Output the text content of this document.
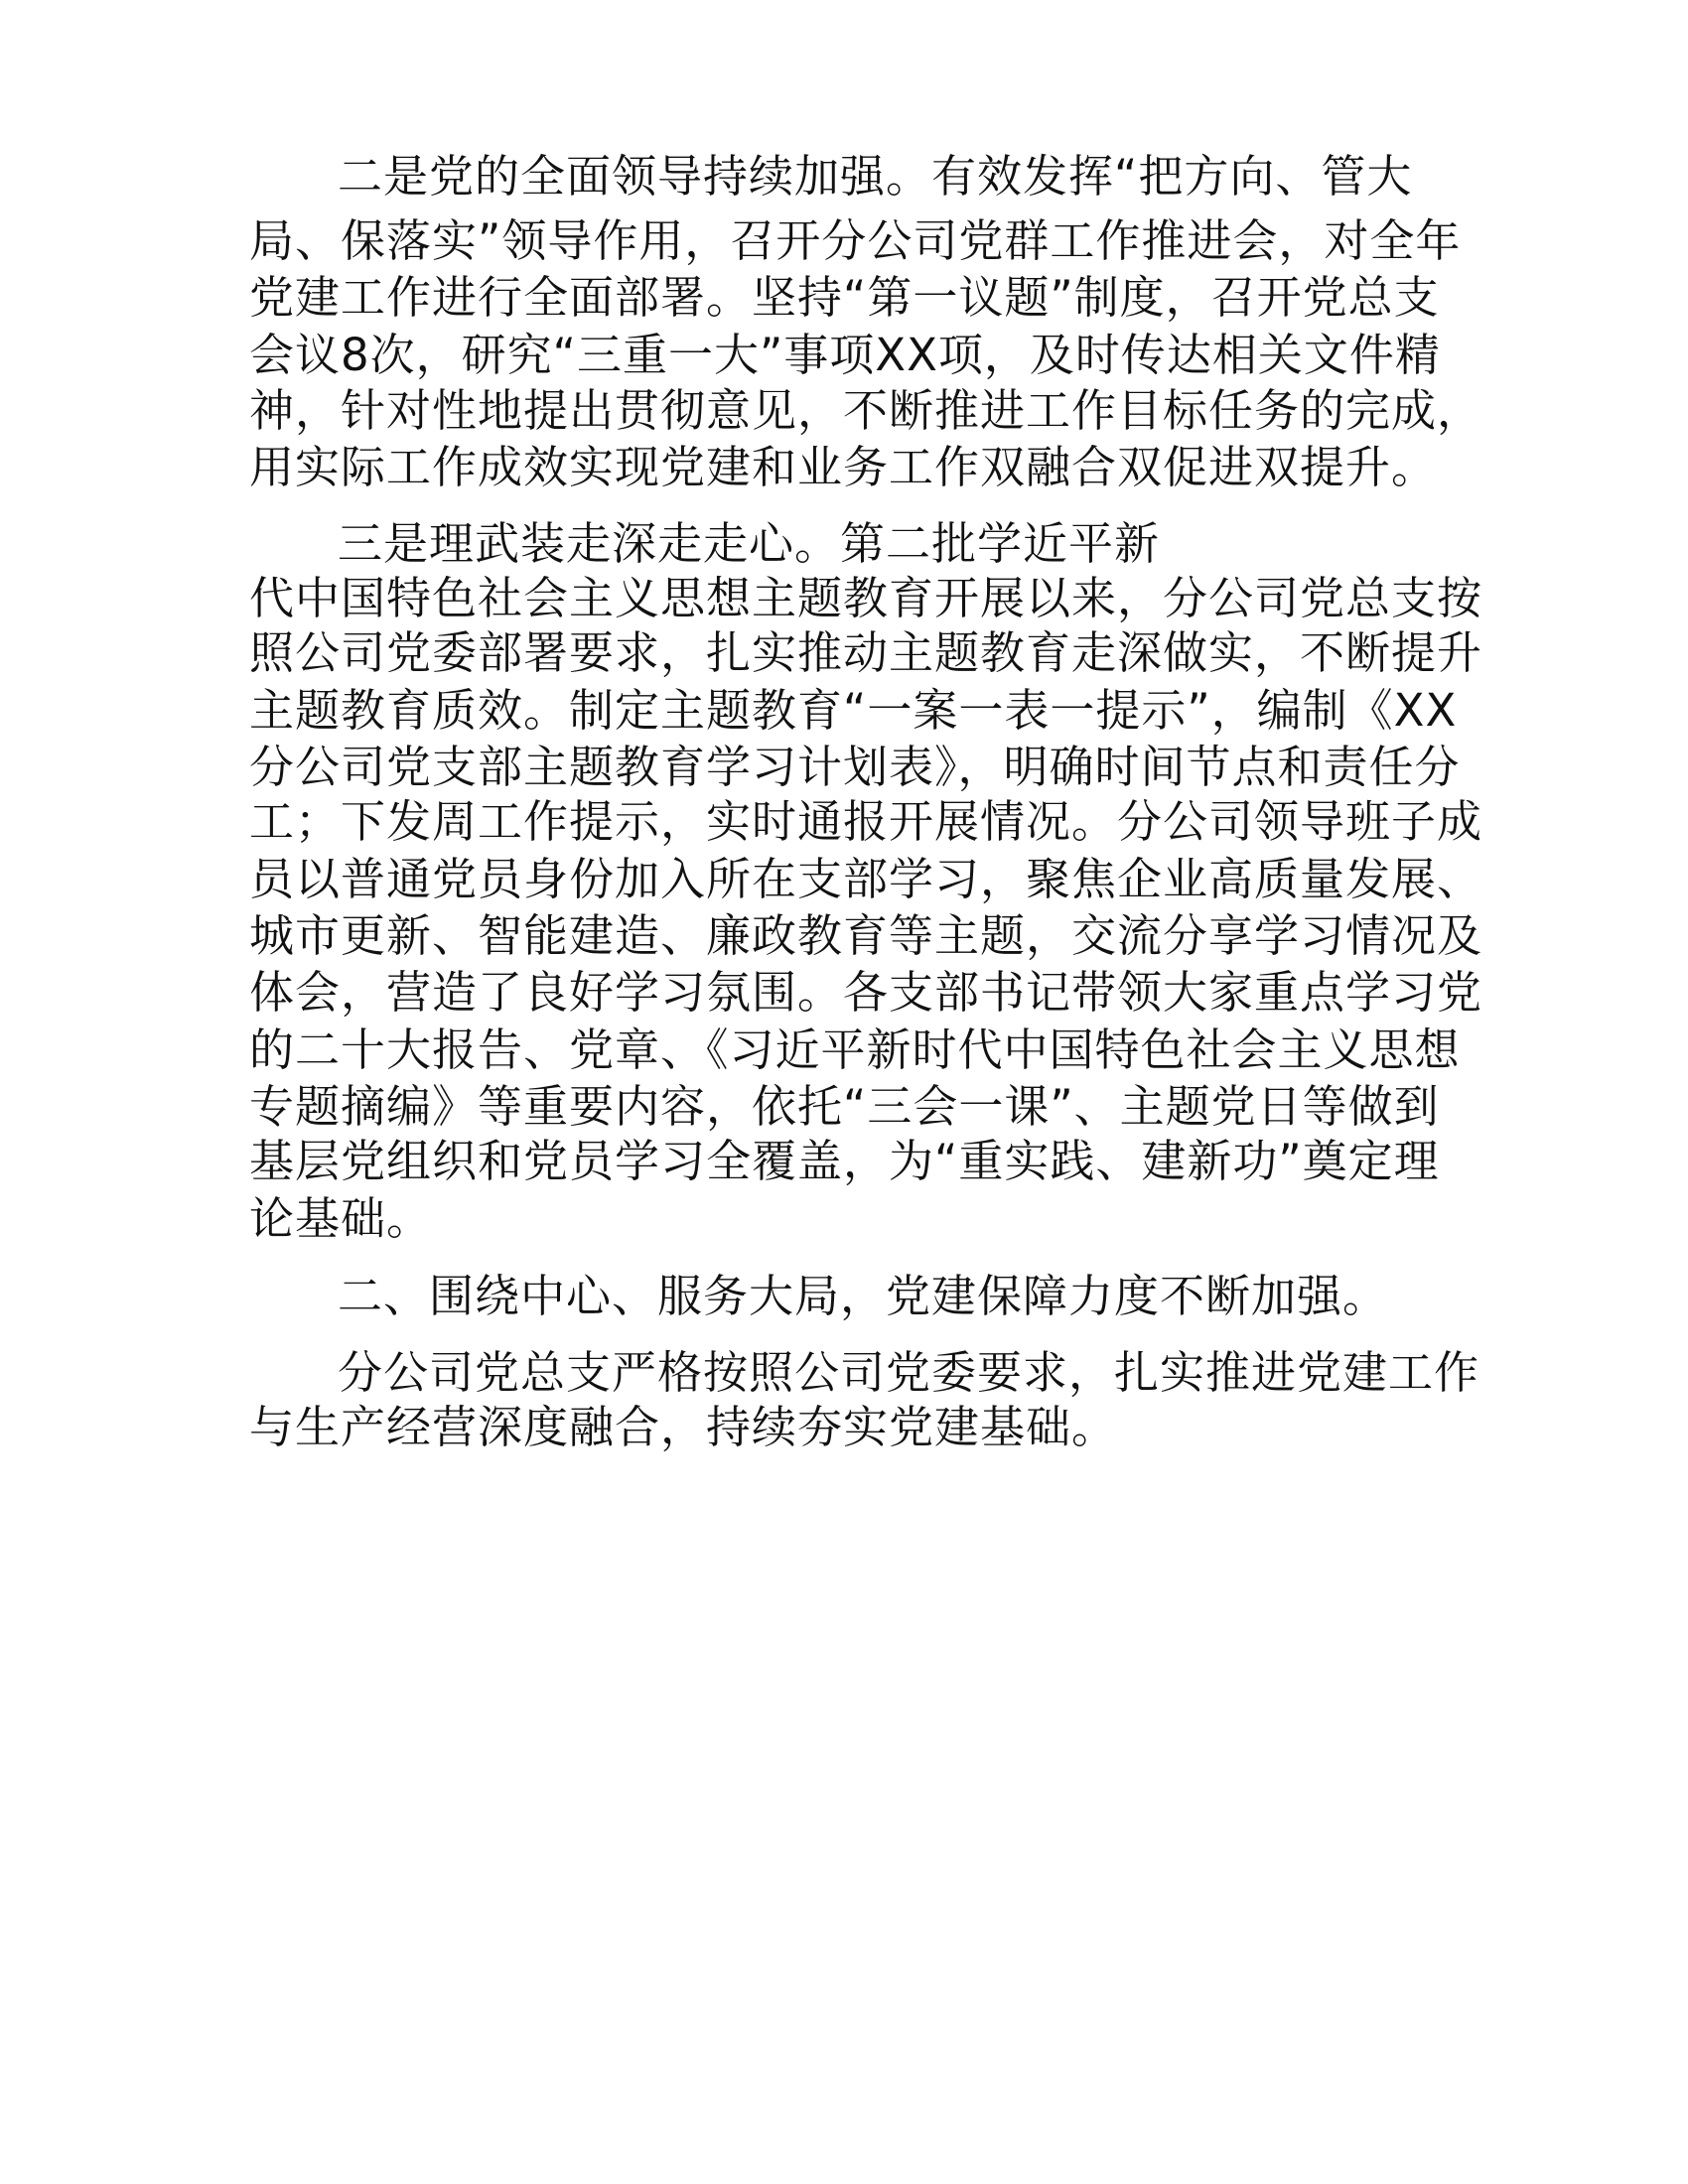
二是党的全面领导持续加强。有效发挥“把方向、管大
局、保落实”领导作用，召开分公司党群工作推进会，对全年
党建工作进行全面部署。坚持“第一议题”制度，召开党总支
会议8次，研究“三重一大”事项XX项，及时传达相关文件精
神，针对性地提出贯彻意见，不断推进工作目标任务的完成，
用实际工作成效实现党建和业务工作双融合双促进双提升。
三是理武装走深走走心。第二批学近平新
代中国特色社会主义思想主题教育开展以来，分公司党总支按
照公司党委部署要求，扎实推动主题教育走深做实，不断提升
主题教育质效。制定主题教育“一案一表一提示”，编制《XX
分公司党支部主题教育学习计划表》，明确时间节点和责任分
工；下发周工作提示，实时通报开展情况。分公司领导班子成
员以普通党员身份加入所在支部学习，聚焦企业高质量发展、
城市更新、智能建造、廉政教育等主题，交流分享学习情况及
体会，营造了良好学习氛围。各支部书记带领大家重点学习党
的二十大报告、党章、《习近平新时代中国特色社会主义思想
专题摘编》等重要内容，依托“三会一课”、主题党日等做到
基层党组织和党员学习全覆盖，为“重实践、建新功”奠定理
论基础。
二、围绕中心、服务大局，党建保障力度不断加强。
分公司党总支严格按照公司党委要求，扎实推进党建工作
与生产经营深度融合，持续夯实党建基础。
